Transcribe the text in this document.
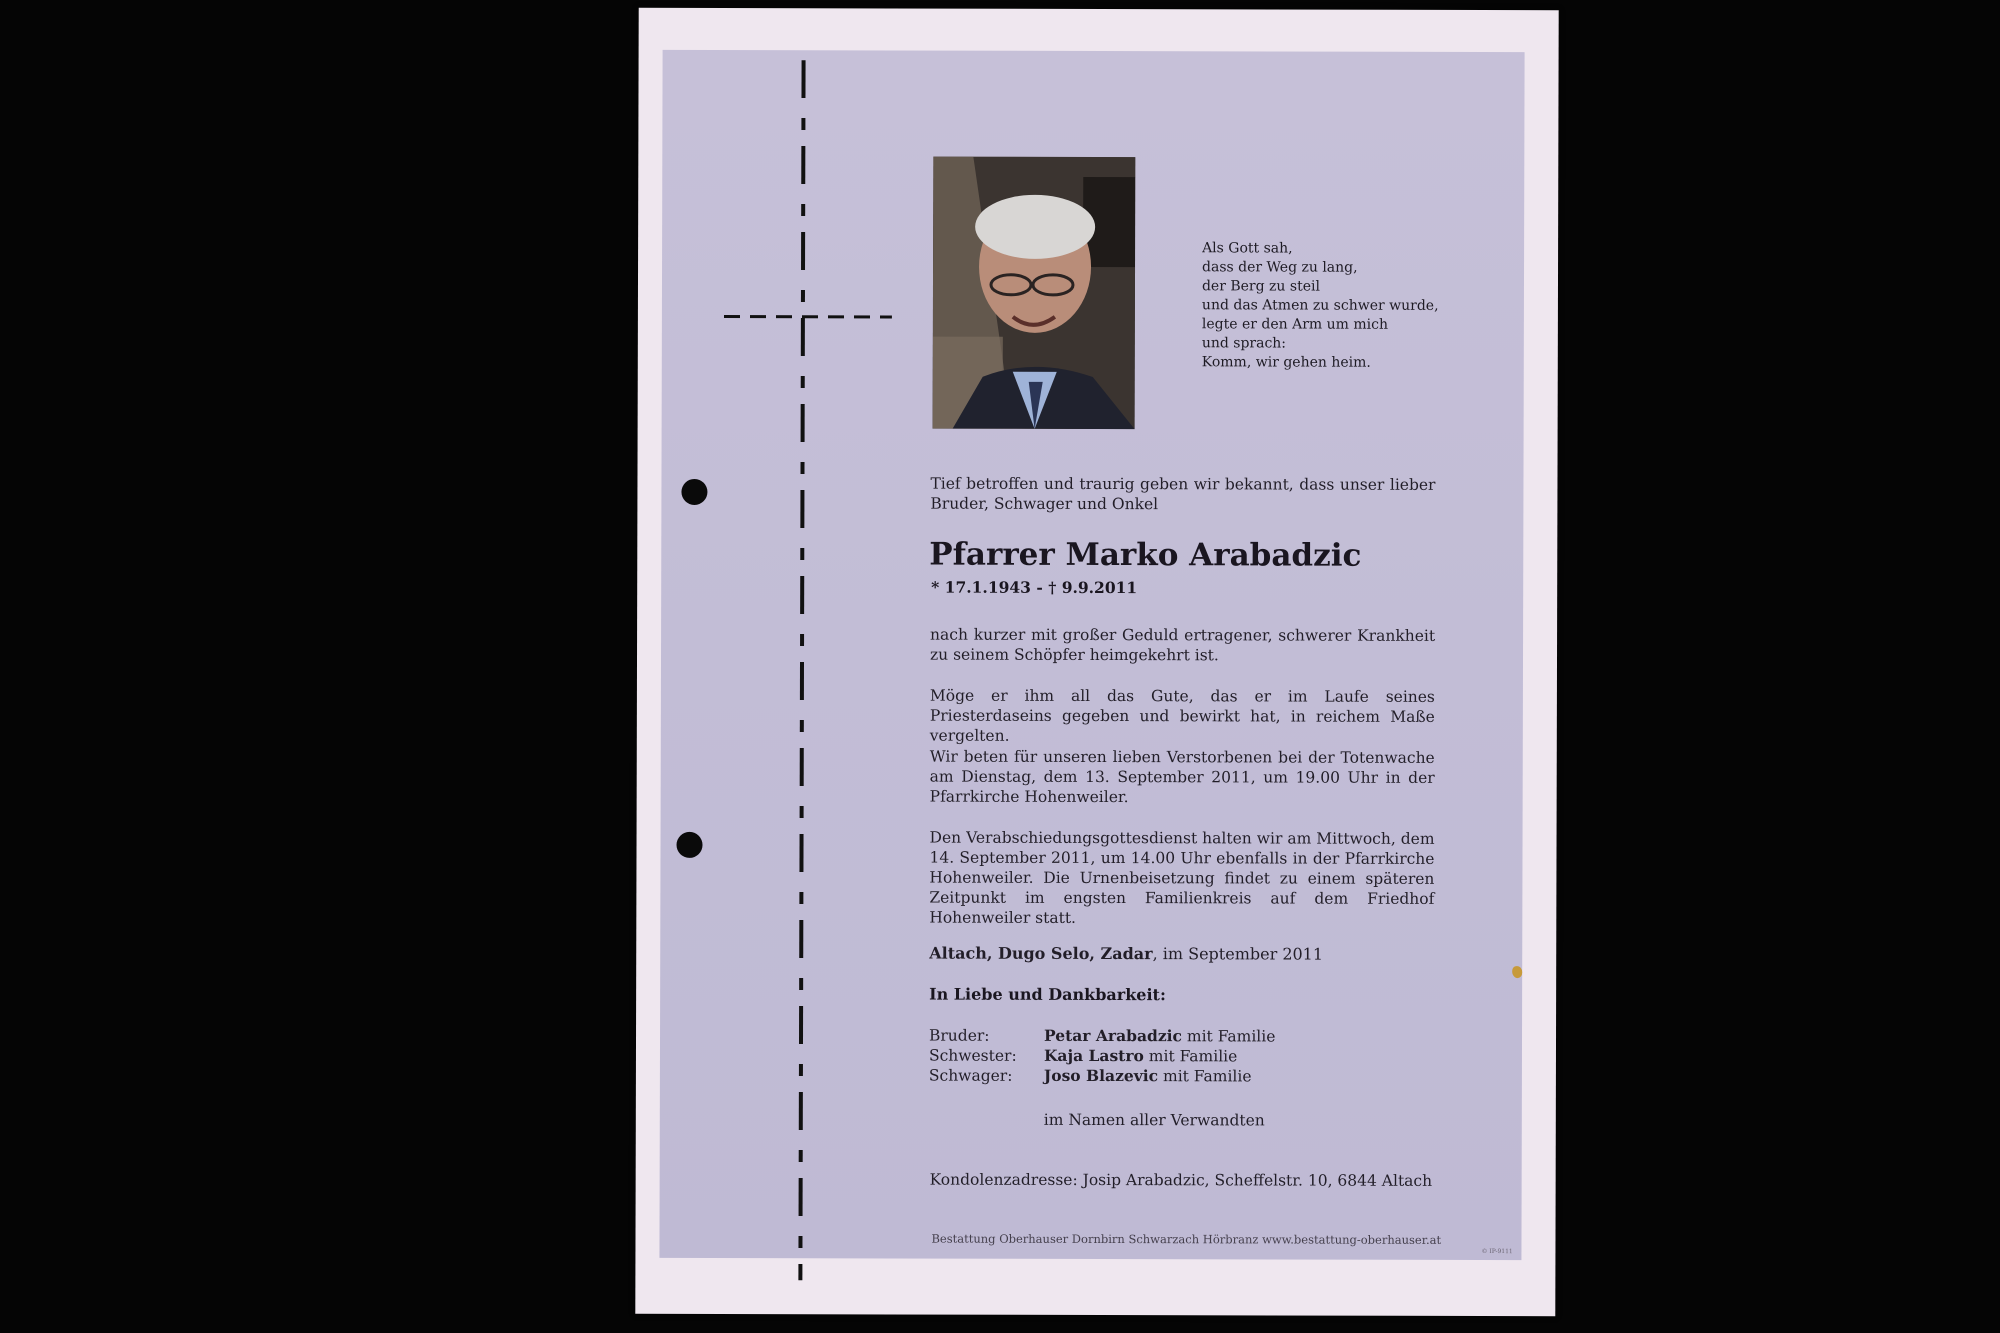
Als Gott sah,
dass der Weg zu lang,
der Berg zu steil
und das Atmen zu schwer wurde,
legte er den Arm um mich
und sprach:
Komm, wir gehen heim.
Tief betroffen und traurig geben wir bekannt, dass unser lieber Bruder, Schwager und Onkel
Pfarrer Marko Arabadzic
* 17.1.1943 - † 9.9.2011
nach kurzer mit großer Geduld ertragener, schwerer Krankheit zu seinem Schöpfer heimgekehrt ist.
Möge er ihm all das Gute, das er im Laufe seines Priesterdaseins gegeben und bewirkt hat, in reichem Maße vergelten.
Wir beten für unseren lieben Verstorbenen bei der Totenwache am Dienstag, dem 13. September 2011, um 19.00 Uhr in der Pfarrkirche Hohenweiler.
Den Verabschiedungsgottesdienst halten wir am Mittwoch, dem 14. September 2011, um 14.00 Uhr ebenfalls in der Pfarrkirche Hohenweiler. Die Urnenbeisetzung findet zu einem späteren Zeitpunkt im engsten Familienkreis auf dem Friedhof Hohenweiler statt.
Altach, Dugo Selo, Zadar, im September 2011
In Liebe und Dankbarkeit:
Bruder:	Petar Arabadzic mit Familie
Schwester: Kaja Lastro mit Familie
Schwager: Joso Blazevic mit Familie
im Namen aller Verwandten
Kondolenzadresse: Josip Arabadzic, Scheffelstr. 10, 6844 Altach
Bestattung Oberhauser Dornbirn Schwarzach Hörbranz www.bestattung-oberhauser.at
© IP-9111
